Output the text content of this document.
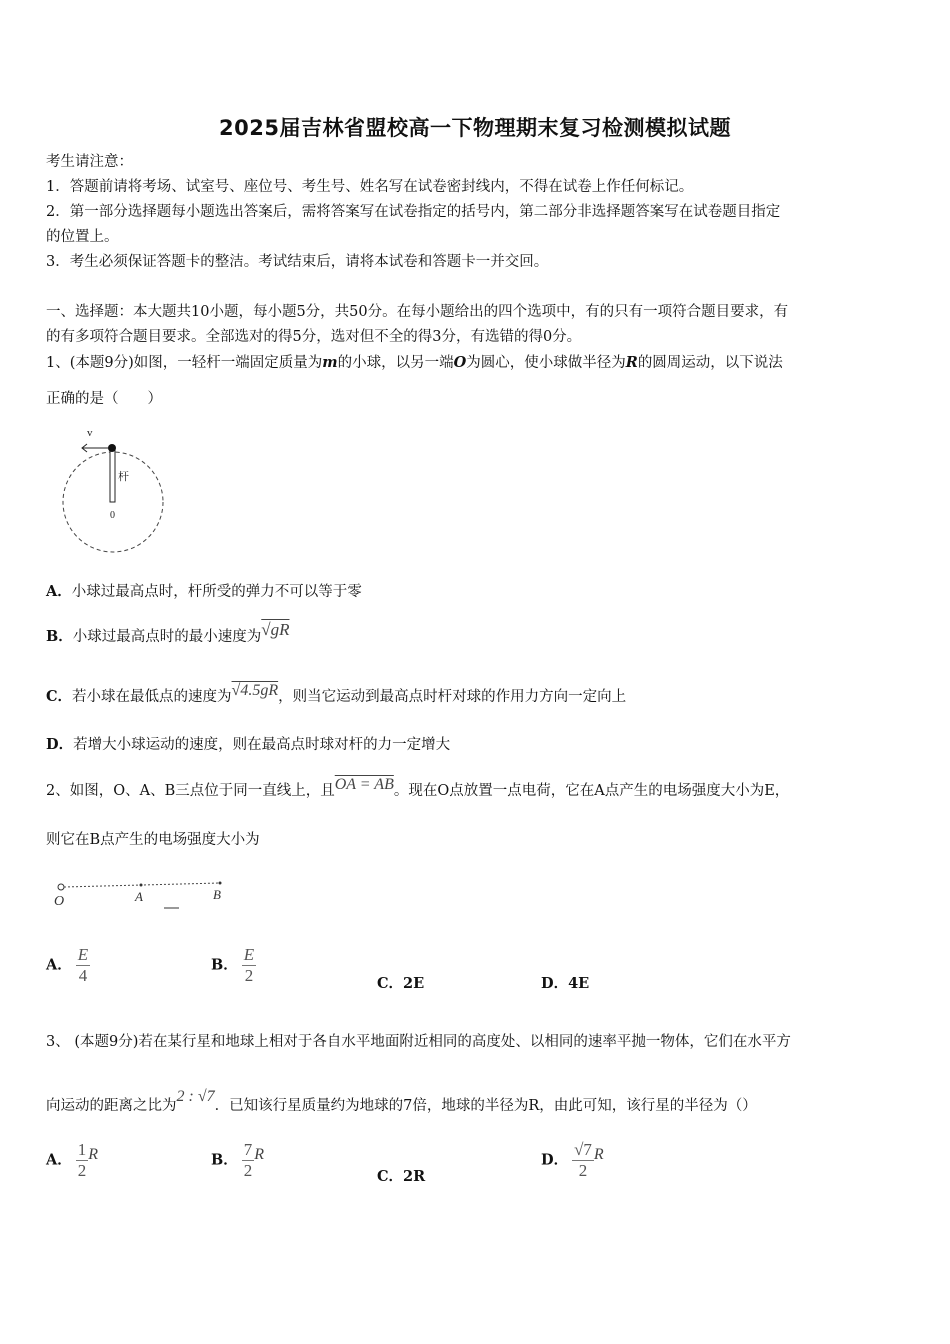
2025届吉林省盟校高一下物理期末复习检测模拟试题
考生请注意：
1．答题前请将考场、试室号、座位号、考生号、姓名写在试卷密封线内，不得在试卷上作任何标记。
2．第一部分选择题每小题选出答案后，需将答案写在试卷指定的括号内，第二部分非选择题答案写在试卷题目指定
的位置上。
3．考生必须保证答题卡的整洁。考试结束后，请将本试卷和答题卡一并交回。
一、选择题：本大题共10小题，每小题5分，共50分。在每小题给出的四个选项中，有的只有一项符合题目要求，有
的有多项符合题目要求。全部选对的得5分，选对但不全的得3分，有选错的得0分。
1、(本题9分)如图，一轻杆一端固定质量为m的小球，以另一端O为圆心，使小球做半径为R的圆周运动，以下说法
正确的是（　　）
v
杆
0
A．小球过最高点时，杆所受的弹力不可以等于零
B．小球过最高点时的最小速度为√gR
C．若小球在最低点的速度为√4.5gR，则当它运动到最高点时杆对球的作用力方向一定向上
D．若增大小球运动的速度，则在最高点时球对杆的力一定增大
2、如图，O、A、B三点位于同一直线上，且OA = AB。现在O点放置一点电荷，它在A点产生的电场强度大小为E，
则它在B点产生的电场强度大小为
O	A	B
A． $\frac{E}{4}$	B． $\frac{E}{2}$	C．2E	D．4E
3、 (本题9分)若在某行星和地球上相对于各自水平地面附近相同的高度处、以相同的速率平抛一物体，它们在水平方
向运动的距离之比为2 : √7．已知该行星质量约为地球的7倍，地球的半径为R，由此可知，该行星的半径为（）
A． $\frac{1}{2}$ R	B． $\frac{7}{2}$ R
C．2R
D． $\frac{√7}{2}$ R
